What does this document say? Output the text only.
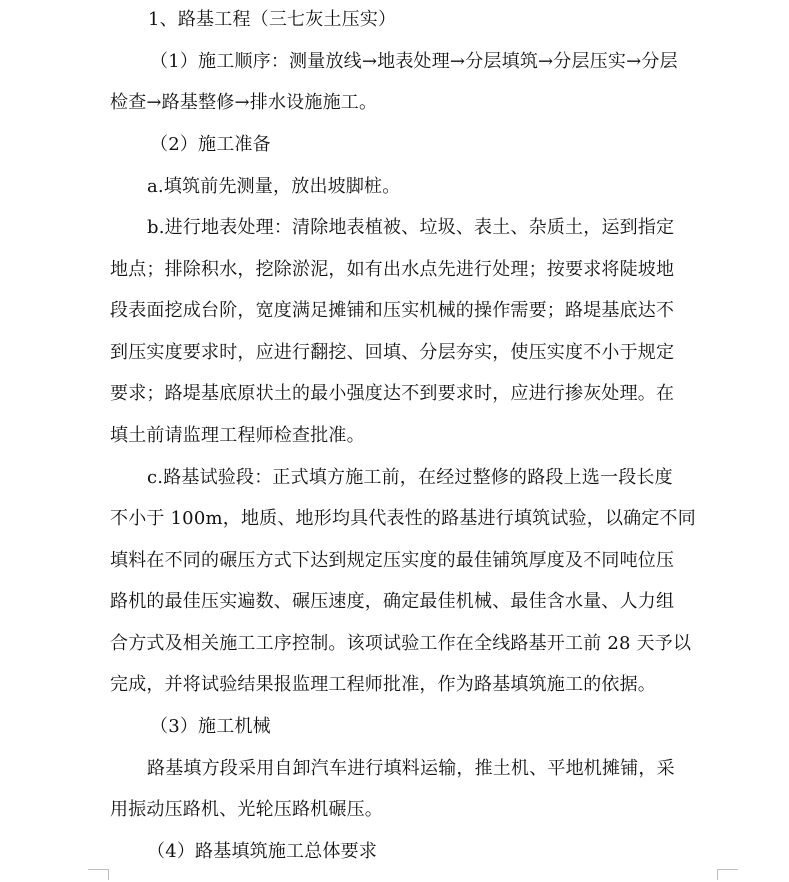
1、路基工程（三七灰土压实）
（1）施工顺序：测量放线→地表处理→分层填筑→分层压实→分层
检查→路基整修→排水设施施工。
（2）施工准备
a.填筑前先测量，放出坡脚桩。
b.进行地表处理：清除地表植被、垃圾、表土、杂质土，运到指定
地点；排除积水，挖除淤泥，如有出水点先进行处理；按要求将陡坡地
段表面挖成台阶，宽度满足摊铺和压实机械的操作需要；路堤基底达不
到压实度要求时，应进行翻挖、回填、分层夯实，使压实度不小于规定
要求；路堤基底原状土的最小强度达不到要求时，应进行掺灰处理。在
填土前请监理工程师检查批准。
c.路基试验段：正式填方施工前，在经过整修的路段上选一段长度
不小于 100m，地质、地形均具代表性的路基进行填筑试验，以确定不同
填料在不同的碾压方式下达到规定压实度的最佳铺筑厚度及不同吨位压
路机的最佳压实遍数、碾压速度，确定最佳机械、最佳含水量、人力组
合方式及相关施工工序控制。该项试验工作在全线路基开工前 28 天予以
完成，并将试验结果报监理工程师批准，作为路基填筑施工的依据。
（3）施工机械
路基填方段采用自卸汽车进行填料运输，推土机、平地机摊铺，采
用振动压路机、光轮压路机碾压。
（4）路基填筑施工总体要求
